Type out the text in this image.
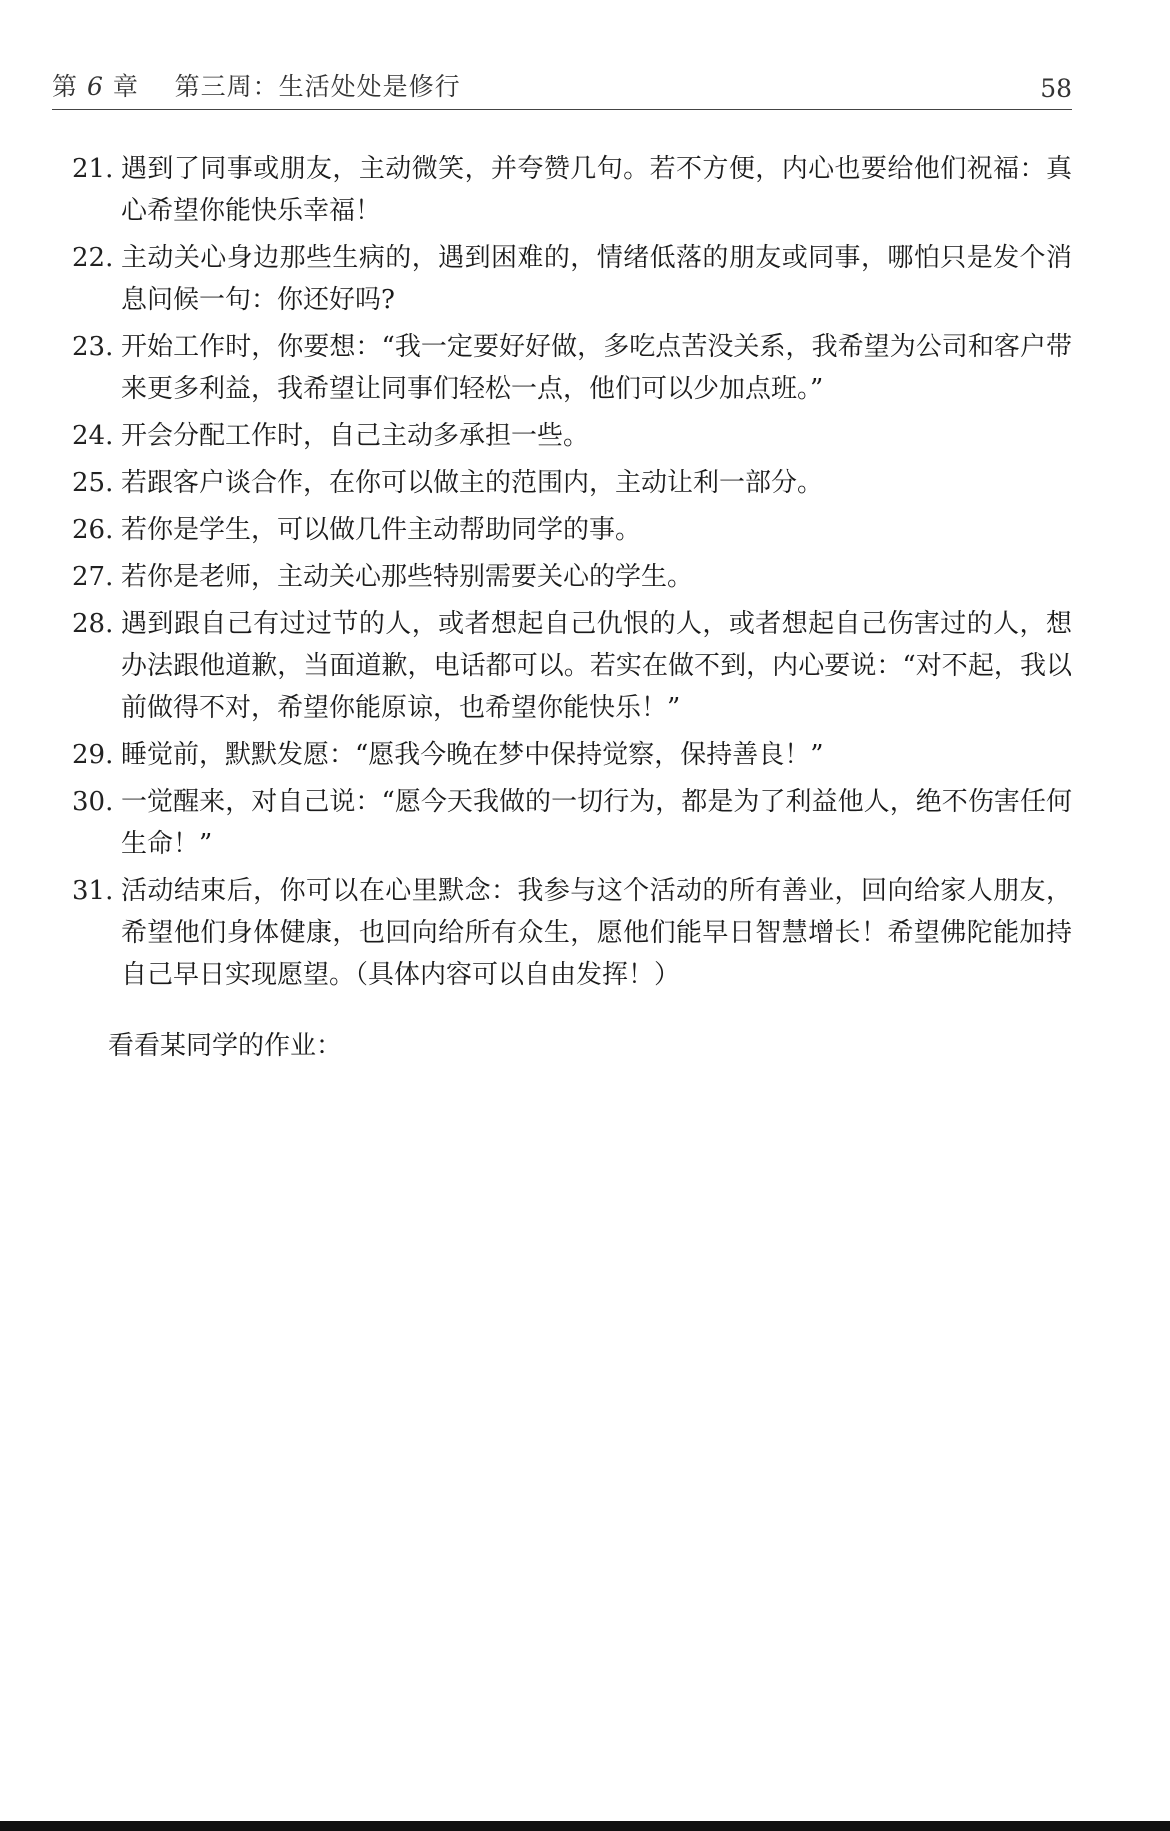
第 6 章 第三周：生活处处是修行	58
21. 遇到了同事或朋友，主动微笑，并夸赞几句。若不方便，内心也要给他们祝福：真心希望你能快乐幸福！
22. 主动关心身边那些生病的，遇到困难的，情绪低落的朋友或同事，哪怕只是发个消息问候一句：你还好吗?
23. 开始工作时，你要想：“我一定要好好做，多吃点苦没关系，我希望为公司和客户带来更多利益，我希望让同事们轻松一点，他们可以少加点班。”
24. 开会分配工作时，自己主动多承担一些。
25. 若跟客户谈合作，在你可以做主的范围内，主动让利一部分。
26. 若你是学生，可以做几件主动帮助同学的事。
27. 若你是老师，主动关心那些特别需要关心的学生。
28. 遇到跟自己有过过节的人，或者想起自己仇恨的人，或者想起自己伤害过的人，想办法跟他道歉，当面道歉，电话都可以。若实在做不到，内心要说：“对不起，我以前做得不对，希望你能原谅，也希望你能快乐！”
29. 睡觉前，默默发愿：“愿我今晚在梦中保持觉察，保持善良！”
30. 一觉醒来，对自己说：“愿今天我做的一切行为，都是为了利益他人，绝不伤害任何生命！”
31. 活动结束后，你可以在心里默念：我参与这个活动的所有善业，回向给家人朋友，希望他们身体健康，也回向给所有众生，愿他们能早日智慧增长！希望佛陀能加持自己早日实现愿望。（具体内容可以自由发挥！）
看看某同学的作业：
